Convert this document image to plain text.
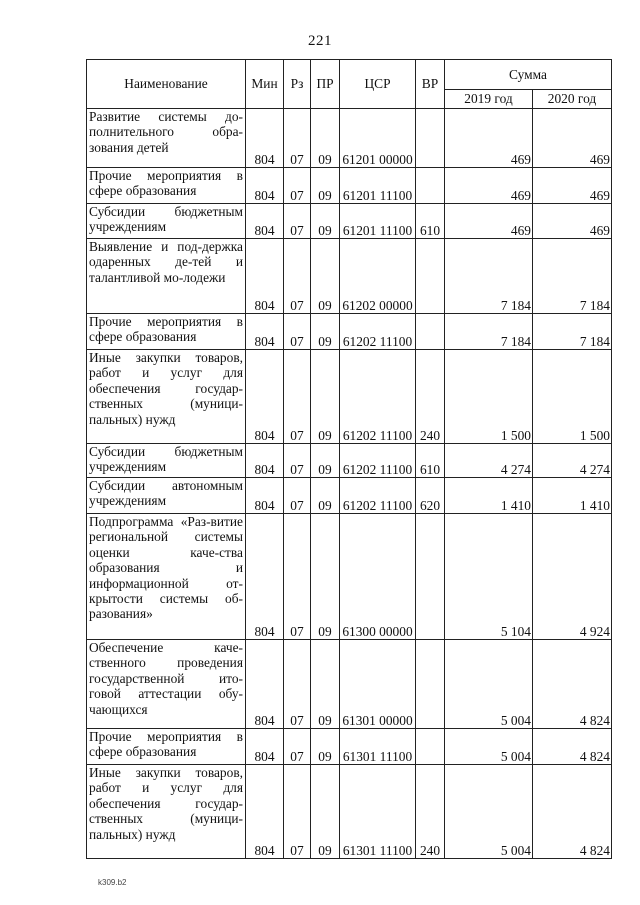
221
Наименование	Мин	Рз	ПР	ЦСР	ВР	Сумма	
						2019 год	2020 год
Развитие системы до-полнительного обра-зования детей	804	07	09	61201 00000		469	469
Прочие мероприятия в сфере образования	804	07	09	61201 11100		469	469
Субсидии бюджетным учреждениям	804	07	09	61201 11100	610	469	469
Выявление и под-держка одаренных де-тей и талантливой мо-лодежи	804	07	09	61202 00000		7 184	7 184
Прочие мероприятия в сфере образования	804	07	09	61202 11100		7 184	7 184
Иные закупки товаров, работ и услуг для обеспечения государ-ственных (муници-пальных) нужд	804	07	09	61202 11100	240	1 500	1 500
Субсидии бюджетным учреждениям	804	07	09	61202 11100	610	4 274	4 274
Субсидии автономным учреждениям	804	07	09	61202 11100	620	1 410	1 410
Подпрограмма «Раз-витие региональной системы оценки каче-ства образования и информационной от-крытости системы об-разования»	804	07	09	61300 00000		5 104	4 924
Обеспечение каче-ственного проведения государственной ито-говой аттестации обу-чающихся	804	07	09	61301 00000		5 004	4 824
Прочие мероприятия в сфере образования	804	07	09	61301 11100		5 004	4 824
Иные закупки товаров, работ и услуг для обеспечения государ-ственных (муници-пальных) нужд	804	07	09	61301 11100	240	5 004	4 824
k309.b2
